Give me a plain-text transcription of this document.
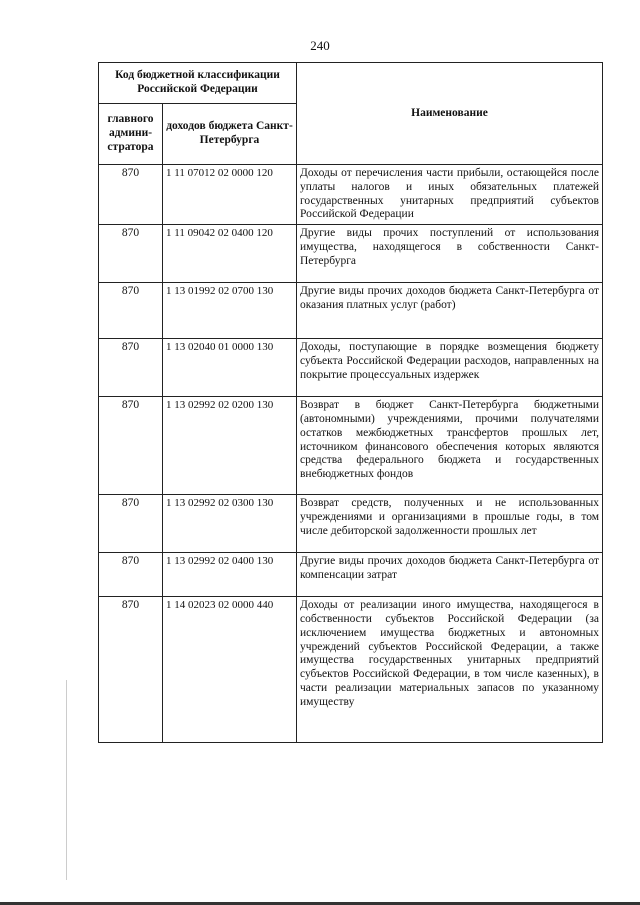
240
Код бюджетной классификации Российской Федерации		Наименование
главного админи-стратора	доходов бюджета Санкт-Петербурга	
870	1 11 07012 02 0000 120	Доходы от перечисления части прибыли, остающейся после уплаты налогов и иных обязательных платежей государственных унитарных предприятий субъектов Российской Федерации
870	1 11 09042 02 0400 120	Другие виды прочих поступлений от использования имущества, находящегося в собственности Санкт-Петербурга
870	1 13 01992 02 0700 130	Другие виды прочих доходов бюджета Санкт-Петербурга от оказания платных услуг (работ)
870	1 13 02040 01 0000 130	Доходы, поступающие в порядке возмещения бюджету субъекта Российской Федерации расходов, направленных на покрытие процессуальных издержек
870	1 13 02992 02 0200 130	Возврат в бюджет Санкт-Петербурга бюджетными (автономными) учреждениями, прочими получателями остатков межбюджетных трансфертов прошлых лет, источником финансового обеспечения которых являются средства федерального бюджета и государственных внебюджетных фондов
870	1 13 02992 02 0300 130	Возврат средств, полученных и не использованных учреждениями и организациями в прошлые годы, в том числе дебиторской задолженности прошлых лет
870	1 13 02992 02 0400 130	Другие виды прочих доходов бюджета Санкт-Петербурга от компенсации затрат
870	1 14 02023 02 0000 440	Доходы от реализации иного имущества, находящегося в собственности субъектов Российской Федерации (за исключением имущества бюджетных и автономных учреждений субъектов Российской Федерации, а также имущества государственных унитарных предприятий субъектов Российской Федерации, в том числе казенных), в части реализации материальных запасов по указанному имуществу
